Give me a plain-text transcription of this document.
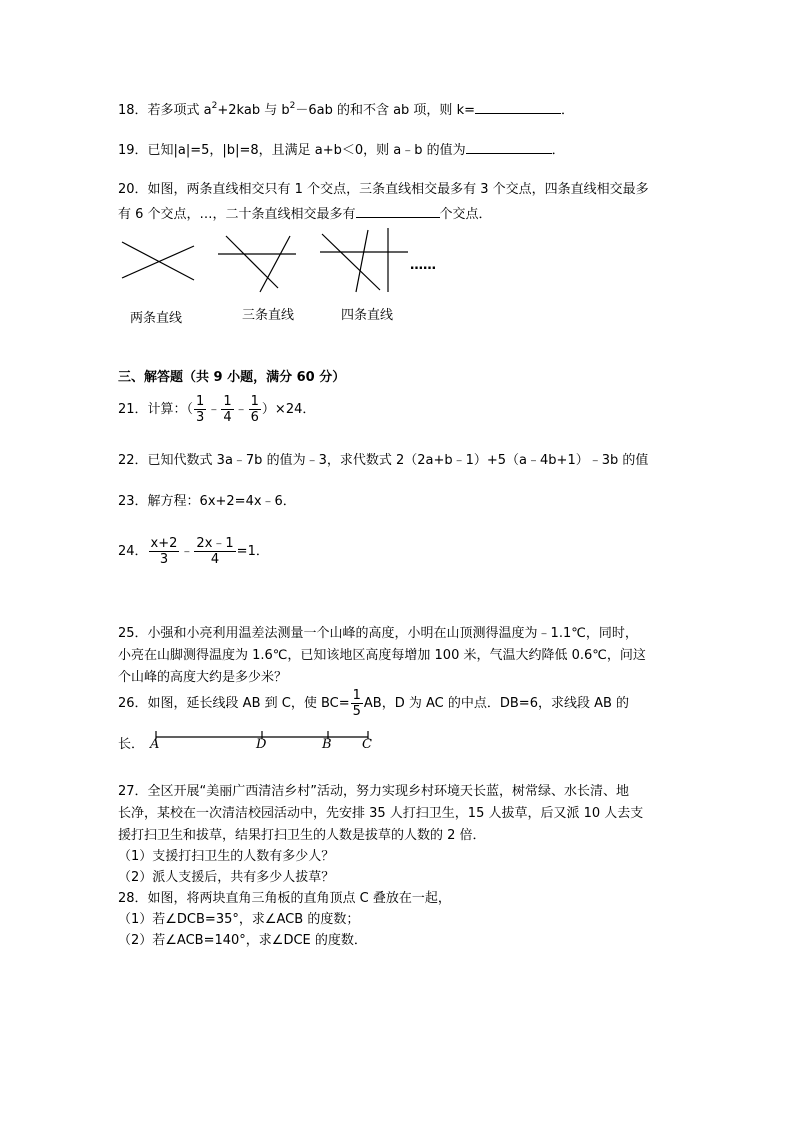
18．若多项式 $a^2+2kab$ 与 $b^2-6ab$ 的和不含 ab 项，则 k=	．
19．已知|a|=5，|b|=8，且满足 a+b＜0，则 a﹣b 的值为	．
20．如图，两条直线相交只有 1 个交点，三条直线相交最多有 3 个交点，四条直线相交最多
有 6 个交点，…，二十条直线相交最多有	个交点．
……
两条直线	三条直线	四条直线
三、解答题（共 9 小题，满分 60 分）
21．计算：（ $\frac{1}{3}$ ﹣ $\frac{1}{4}$ ﹣ $\frac{1}{6} )\times 24$．
22．已知代数式 3a﹣7b 的值为﹣3，求代数式 2（2a+b﹣1）+5（a﹣4b+1）﹣3b 的值
23．解方程：6x+2=4x﹣6．
24． $\frac{x+2}{3}$ ﹣ $\frac{2x﹣1}{4} =1$．
25．小强和小亮利用温差法测量一个山峰的高度，小明在山顶测得温度为﹣1.1℃，同时，
小亮在山脚测得温度为 1.6℃，已知该地区高度每增加 100 米，气温大约降低 0.6℃，问这
个山峰的高度大约是多少米？
26．如图，延长线段 AB 到 C，使 $BC= \frac{1}{5}$ AB，D 为 AC 的中点．DB=6，求线段 AB 的
长． A	D	B C
27．全区开展“美丽广西清洁乡村”活动，努力实现乡村环境天长蓝，树常绿、水长清、地
长净，某校在一次清洁校园活动中，先安排 35 人打扫卫生，15 人拔草，后又派 10 人去支
援打扫卫生和拔草，结果打扫卫生的人数是拔草的人数的 2 倍．
（1）支援打扫卫生的人数有多少人？
（2）派人支援后，共有多少人拔草？
28．如图，将两块直角三角板的直角顶点 C 叠放在一起，
（1）若∠DCB=35°，求∠ACB 的度数；
（2）若∠ACB=140°，求∠DCE 的度数．
